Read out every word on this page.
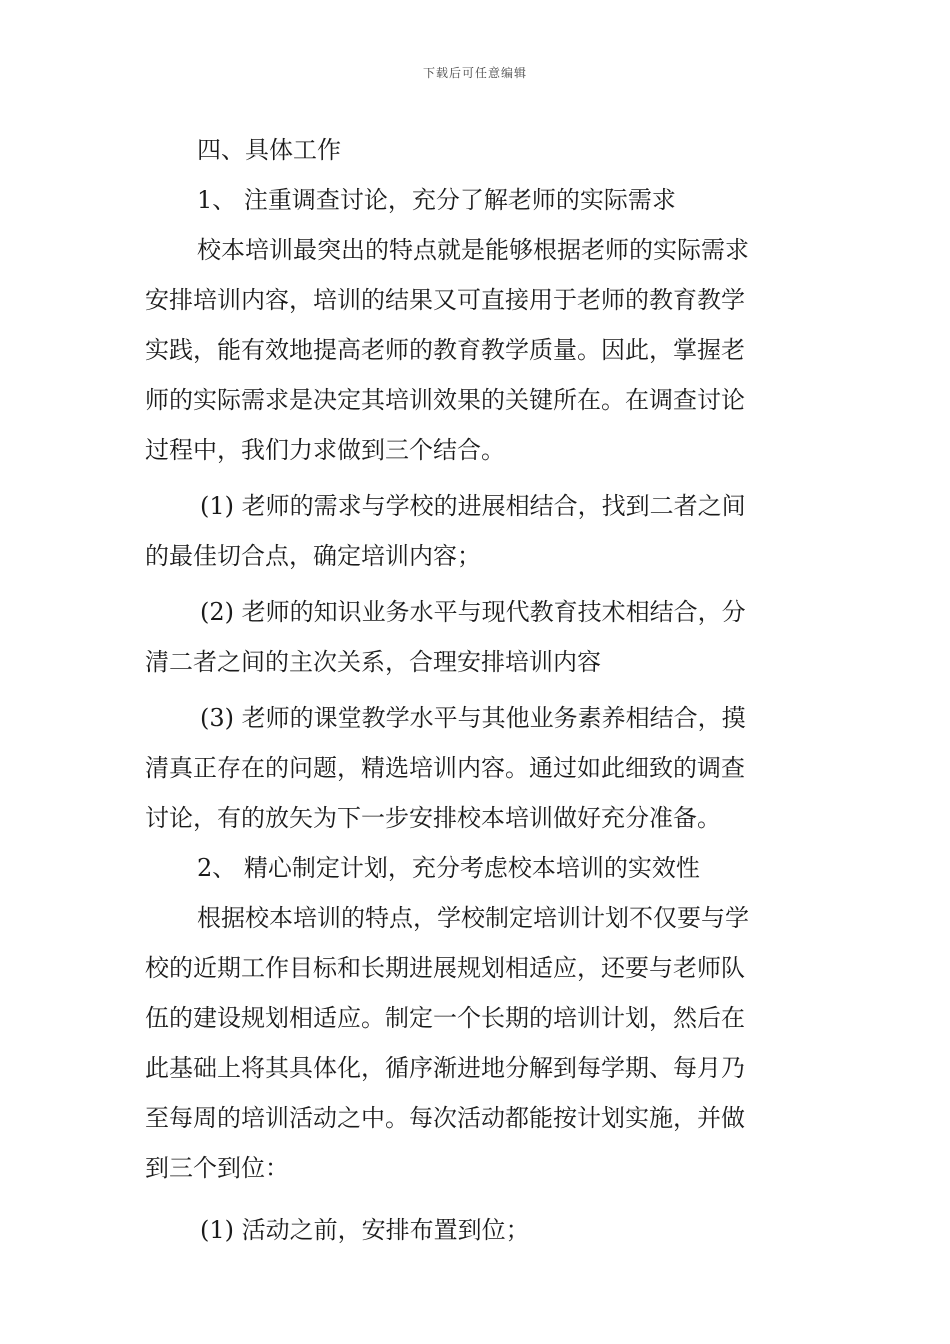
下载后可任意编辑
四、具体工作
1、 注重调查讨论，充分了解老师的实际需求
校本培训最突出的特点就是能够根据老师的实际需求
安排培训内容，培训的结果又可直接用于老师的教育教学
实践，能有效地提高老师的教育教学质量。因此，掌握老
师的实际需求是决定其培训效果的关键所在。在调查讨论
过程中，我们力求做到三个结合。
(1) 老师的需求与学校的进展相结合，找到二者之间
的最佳切合点，确定培训内容；
(2) 老师的知识业务水平与现代教育技术相结合，分
清二者之间的主次关系，合理安排培训内容
(3) 老师的课堂教学水平与其他业务素养相结合，摸
清真正存在的问题，精选培训内容。通过如此细致的调查
讨论，有的放矢为下一步安排校本培训做好充分准备。
2、 精心制定计划，充分考虑校本培训的实效性
根据校本培训的特点，学校制定培训计划不仅要与学
校的近期工作目标和长期进展规划相适应，还要与老师队
伍的建设规划相适应。制定一个长期的培训计划，然后在
此基础上将其具体化，循序渐进地分解到每学期、每月乃
至每周的培训活动之中。每次活动都能按计划实施，并做
到三个到位：
(1) 活动之前，安排布置到位；
